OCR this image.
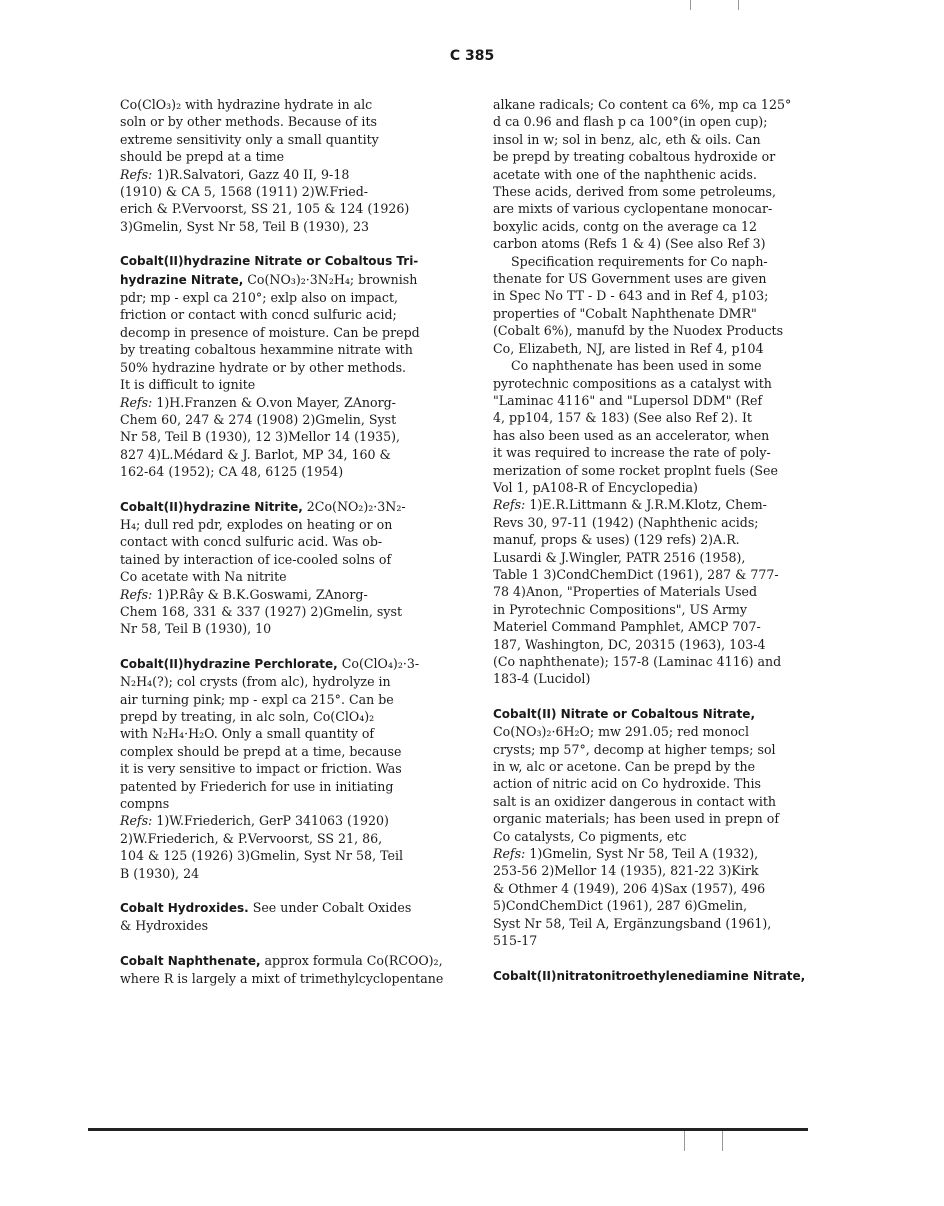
C 385

Co(ClO₃)₂ with hydrazine hydrate in alc

soln or by other methods. Because of its

extreme sensitivity only a small quantity

should be prepd at a time

Refs: 1)R.Salvatori, Gazz 40 II, 9-18

(1910) & CA 5, 1568 (1911) 2)W.Fried-

erich & P.Vervoorst, SS 21, 105 & 124 (1926)

3)Gmelin, Syst Nr 58, Teil B (1930), 23

Cobalt(II)hydrazine Nitrate or Cobaltous Tri-hydrazine Nitrate, Co(NO₃)₂·3N₂H₄; brownish

pdr; mp - expl ca 210°; exlp also on impact,

friction or contact with concd sulfuric acid;

decomp in presence of moisture. Can be prepd

by treating cobaltous hexammine nitrate with

50% hydrazine hydrate or by other methods.

It is difficult to ignite

Refs: 1)H.Franzen & O.von Mayer, ZAnorg-

Chem 60, 247 & 274 (1908) 2)Gmelin, Syst

Nr 58, Teil B (1930), 12 3)Mellor 14 (1935),

827 4)L.Médard & J. Barlot, MP 34, 160 &

162-64 (1952); CA 48, 6125 (1954)

Cobalt(II)hydrazine Nitrite, 2Co(NO₂)₂·3N₂-

H₄; dull red pdr, explodes on heating or on

contact with concd sulfuric acid. Was ob-

tained by interaction of ice-cooled solns of

Co acetate with Na nitrite

Refs: 1)P.Rây & B.K.Goswami, ZAnorg-

Chem 168, 331 & 337 (1927) 2)Gmelin, syst

Nr 58, Teil B (1930), 10

Cobalt(II)hydrazine Perchlorate, Co(ClO₄)₂·3-

N₂H₄(?); col crysts (from alc), hydrolyze in

air turning pink; mp - expl ca 215°. Can be

prepd by treating, in alc soln, Co(ClO₄)₂

with N₂H₄·H₂O. Only a small quantity of

complex should be prepd at a time, because

it is very sensitive to impact or friction. Was

patented by Friederich for use in initiating

compns

Refs: 1)W.Friederich, GerP 341063 (1920)

2)W.Friederich, & P.Vervoorst, SS 21, 86,

104 & 125 (1926) 3)Gmelin, Syst Nr 58, Teil

B (1930), 24

Cobalt Hydroxides. See under Cobalt Oxides

& Hydroxides

Cobalt Naphthenate, approx formula Co(RCOO)₂,

where R is largely a mixt of trimethylcyclopentane

alkane radicals; Co content ca 6%, mp ca 125°

d ca 0.96 and flash p ca 100°(in open cup);

insol in w; sol in benz, alc, eth & oils. Can

be prepd by treating cobaltous hydroxide or

acetate with one of the naphthenic acids.

These acids, derived from some petroleums,

are mixts of various cyclopentane monocar-

boxylic acids, contg on the average ca 12

carbon atoms (Refs 1 & 4) (See also Ref 3)

Specification requirements for Co naph-

thenate for US Government uses are given

in Spec No TT - D - 643 and in Ref 4, p103;

properties of "Cobalt Naphthenate DMR"

(Cobalt 6%), manufd by the Nuodex Products

Co, Elizabeth, NJ, are listed in Ref 4, p104

Co naphthenate has been used in some

pyrotechnic compositions as a catalyst with

"Laminac 4116" and "Lupersol DDM" (Ref

4, pp104, 157 & 183) (See also Ref 2). It

has also been used as an accelerator, when

it was required to increase the rate of poly-

merization of some rocket proplnt fuels (See

Vol 1, pA108-R of Encyclopedia)

Refs: 1)E.R.Littmann & J.R.M.Klotz, Chem-

Revs 30, 97-11 (1942) (Naphthenic acids;

manuf, props & uses) (129 refs) 2)A.R.

Lusardi & J.Wingler, PATR 2516 (1958),

Table 1 3)CondChemDict (1961), 287 & 777-

78 4)Anon, "Properties of Materials Used

in Pyrotechnic Compositions", US Army

Materiel Command Pamphlet, AMCP 707-

187, Washington, DC, 20315 (1963), 103-4

(Co naphthenate); 157-8 (Laminac 4116) and

183-4 (Lucidol)

Cobalt(II) Nitrate or Cobaltous Nitrate,

Co(NO₃)₂·6H₂O; mw 291.05; red monocl

crysts; mp 57°, decomp at higher temps; sol

in w, alc or acetone. Can be prepd by the

action of nitric acid on Co hydroxide. This

salt is an oxidizer dangerous in contact with

organic materials; has been used in prepn of

Co catalysts, Co pigments, etc

Refs: 1)Gmelin, Syst Nr 58, Teil A (1932),

253-56 2)Mellor 14 (1935), 821-22 3)Kirk

& Othmer 4 (1949), 206 4)Sax (1957), 496

5)CondChemDict (1961), 287 6)Gmelin,

Syst Nr 58, Teil A, Ergänzungsband (1961),

515-17

Cobalt(II)nitratonitroethylenediamine Nitrate,
